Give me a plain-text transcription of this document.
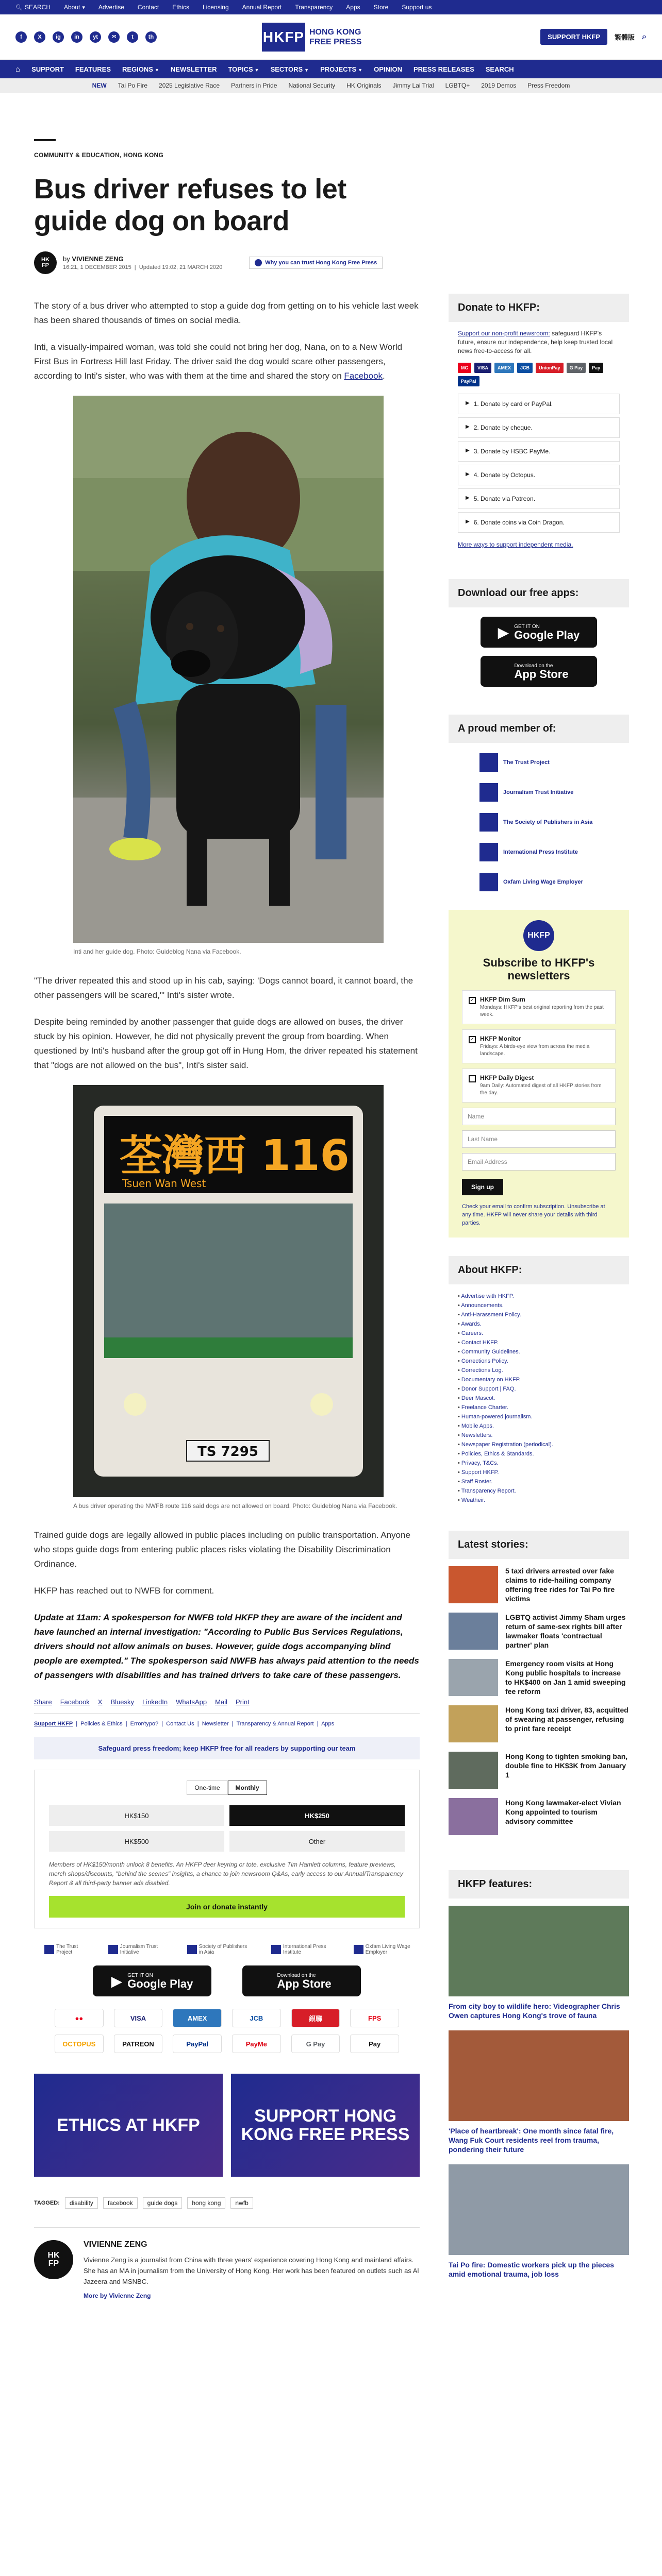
🔍︎ SEARCH About ▾ Advertise Contact Ethics Licensing Annual Report Transparency Apps Store Support us
f	X	ig	in	yt	✉	t	th	HKFP HONG KONG
FREE PRESS
SUPPORT HKFP	繁體版 ⌕
⌂ SUPPORT FEATURES REGIONS ▼ NEWSLETTER TOPICS ▼ SECTORS ▼ PROJECTS ▼ OPINION PRESS RELEASES SEARCH
NEW Tai Po Fire 2025 Legislative Race Partners in Pride National Security HK Originals Jimmy Lai Trial LGBTQ+ 2019 Demos Press Freedom
COMMUNITY & EDUCATION, HONG KONG
Bus driver refuses to let guide dog on board
HK
FP
by VIVIENNE ZENG
16:21, 1 DECEMBER 2015  |  Updated 19:02, 21 MARCH 2020
Why you can trust Hong Kong Free Press

The story of a bus driver who attempted to stop a guide dog from getting on to his vehicle last week has been shared thousands of times on social media.

Inti, a visually-impaired woman, was told she could not bring her dog, Nana, on to a New World First Bus in Fortress Hill last Friday. The driver said the dog would scare other passengers, according to Inti's sister, who was with them at the time and shared the story on Facebook.

Inti and her guide dog. Photo: Guideblog Nana via Facebook.

"The driver repeated this and stood up in his cab, saying: 'Dogs cannot board, it cannot board, the other passengers will be scared,'" Inti's sister wrote.

Despite being reminded by another passenger that guide dogs are allowed on buses, the driver stuck by his opinion. However, he did not physically prevent the group from boarding. When questioned by Inti's husband after the group got off in Hung Hom, the driver repeated his statement that "dogs are not allowed on the bus", Inti's sister said.

荃灣西 116
Tsuen Wan West
TS 7295
A bus driver operating the NWFB route 116 said dogs are not allowed on board. Photo: Guideblog Nana via Facebook.

Trained guide dogs are legally allowed in public places including on public transportation. Anyone who stops guide dogs from entering public places risks violating the Disability Discrimination Ordinance.

HKFP has reached out to NWFB for comment.

Update at 11am: A spokesperson for NWFB told HKFP they are aware of the incident and have launched an internal investigation: "According to Public Bus Services Regulations, drivers should not allow animals on buses. However, guide dogs accompanying blind people are exempted." The spokesperson said NWFB has always paid attention to the needs of passengers with disabilities and has trained drivers to take care of these passengers.

Share Facebook X Bluesky LinkedIn WhatsApp Mail Print
Support HKFP  |  Policies & Ethics  |  Error/typo?  |  Contact Us  |  Newsletter  |  Transparency & Annual Report  |  Apps
Safeguard press freedom; keep HKFP free for all readers by supporting our team
One-time	Monthly
HK$150	HK$250
HK$500	Other
Members of HK$150/month unlock 8 benefits. An HKFP deer keyring or tote, exclusive Tim Hamlett columns, feature previews, merch shops/discounts, "behind the scenes" insights, a chance to join newsroom Q&As, early access to our Annual/Transparency Report & all third-party banner ads disabled.
Join or donate instantly
The Trust Project
Journalism Trust Initiative
Society of Publishers in Asia
International Press Institute
Oxfam Living Wage Employer
▶ GET IT ON
Google Play
Download on the
App Store
●●	VISA	AMEX	JCB	銀聯	FPS
OCTOPUS	PATREON	PayPal	PayMe	G Pay	Pay
ETHICS AT HKFP	SUPPORT HONG KONG FREE PRESS
TAGGED:	disability	facebook	guide dogs	hong kong	nwfb
HK
FP
VIVIENNE ZENG
Vivienne Zeng is a journalist from China with three years' experience covering Hong Kong and mainland affairs. She has an MA in journalism from the University of Hong Kong. Her work has been featured on outlets such as Al Jazeera and MSNBC.
More by Vivienne Zeng
Donate to HKFP:
Support our non-profit newsroom: safeguard HKFP's future, ensure our independence, help keep trusted local news free-to-access for all.
MC	VISA	AMEX	JCB	UnionPay	G Pay	Pay
PayPal
▶ 1. Donate by card or PayPal.
▶ 2. Donate by cheque.
▶ 3. Donate by HSBC PayMe.
▶ 4. Donate by Octopus.
▶ 5. Donate via Patreon.
▶ 6. Donate coins via Coin Dragon.
More ways to support independent media.
Download our free apps:
▶ GET IT ON
Google Play
Download on the
App Store
A proud member of:
The Trust Project
Journalism Trust Initiative
The Society of Publishers in Asia
International Press Institute
Oxfam Living Wage Employer
HKFP
Subscribe to HKFP's newsletters
✓ HKFP Dim Sum
Mondays: HKFP's best original reporting from the past week.
✓ HKFP Monitor
Fridays: A birds-eye view from across the media landscape.
HKFP Daily Digest
9am Daily: Automated digest of all HKFP stories from the day.
Name
Last Name
Email Address
Sign up
Check your email to confirm subscription. Unsubscribe at any time. HKFP will never share your details with third parties.
About HKFP:
• Advertise with HKFP.
• Announcements.
• Anti-Harassment Policy.
• Awards.
• Careers.
• Contact HKFP.
• Community Guidelines.
• Corrections Policy.
• Corrections Log.
• Documentary on HKFP.
• Donor Support | FAQ.
• Deer Mascot.
• Freelance Charter.
• Human-powered journalism.
• Mobile Apps.
• Newsletters.
• Newspaper Registration (periodical).
• Policies, Ethics & Standards.
• Privacy, T&Cs.
• Support HKFP.
• Staff Roster.
• Transparency Report.
• Weatheir.
Latest stories:
5 taxi drivers arrested over fake claims to ride-hailing company offering free rides for Tai Po fire victims
LGBTQ activist Jimmy Sham urges return of same-sex rights bill after lawmaker floats 'contractual partner' plan
Emergency room visits at Hong Kong public hospitals to increase to HK$400 on Jan 1 amid sweeping fee reform
Hong Kong taxi driver, 83, acquitted of swearing at passenger, refusing to print fare receipt
Hong Kong to tighten smoking ban, double fine to HK$3K from January 1
Hong Kong lawmaker-elect Vivian Kong appointed to tourism advisory committee
HKFP features:
From city boy to wildlife hero: Videographer Chris Owen captures Hong Kong's trove of fauna
'Place of heartbreak': One month since fatal fire, Wang Fuk Court residents reel from trauma, pondering their future
Tai Po fire: Domestic workers pick up the pieces amid emotional trauma, job loss
